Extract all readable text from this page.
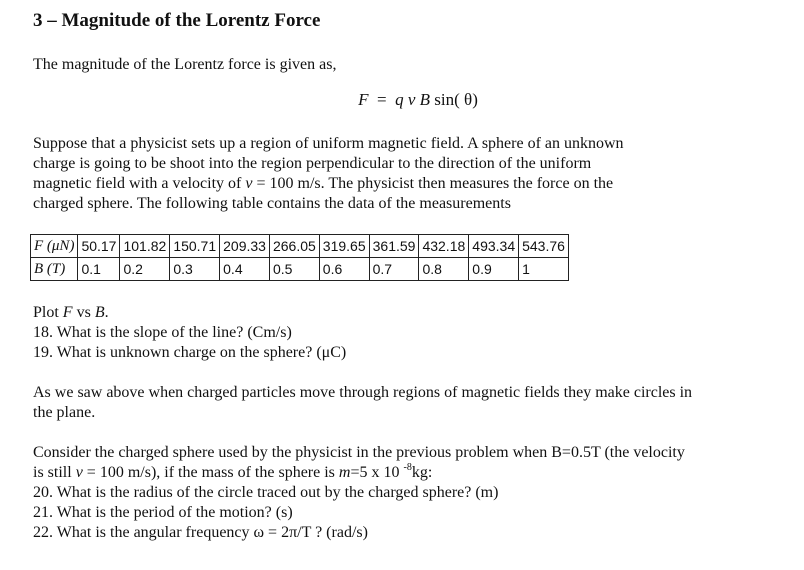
3 – Magnitude of the Lorentz Force

The magnitude of the Lorentz force is given as,

F = q v B sin( θ)

Suppose that a physicist sets up a region of uniform magnetic field. A sphere of an unknown

charge is going to be shoot into the region perpendicular to the direction of the uniform

magnetic field with a velocity of v = 100 m/s. The physicist then measures the force on the

charged sphere. The following table contains the data of the measurements

F (μN)	50.17	101.82	150.71	209.33	266.05	319.65	361.59	432.18	493.34	543.76
B (T)	0.1	0.2	0.3	0.4	0.5	0.6	0.7	0.8	0.9	1

Plot F vs B.

18. What is the slope of the line? (Cm/s)

19. What is unknown charge on the sphere? (μC)

As we saw above when charged particles move through regions of magnetic fields they make circles in

the plane.

Consider the charged sphere used by the physicist in the previous problem when B=0.5T (the velocity

is still v = 100 m/s), if the mass of the sphere is m=5 x 10 $^{-8}$kg:

20. What is the radius of the circle traced out by the charged sphere? (m)

21. What is the period of the motion? (s)

22. What is the angular frequency ω = 2π/T ? (rad/s)
